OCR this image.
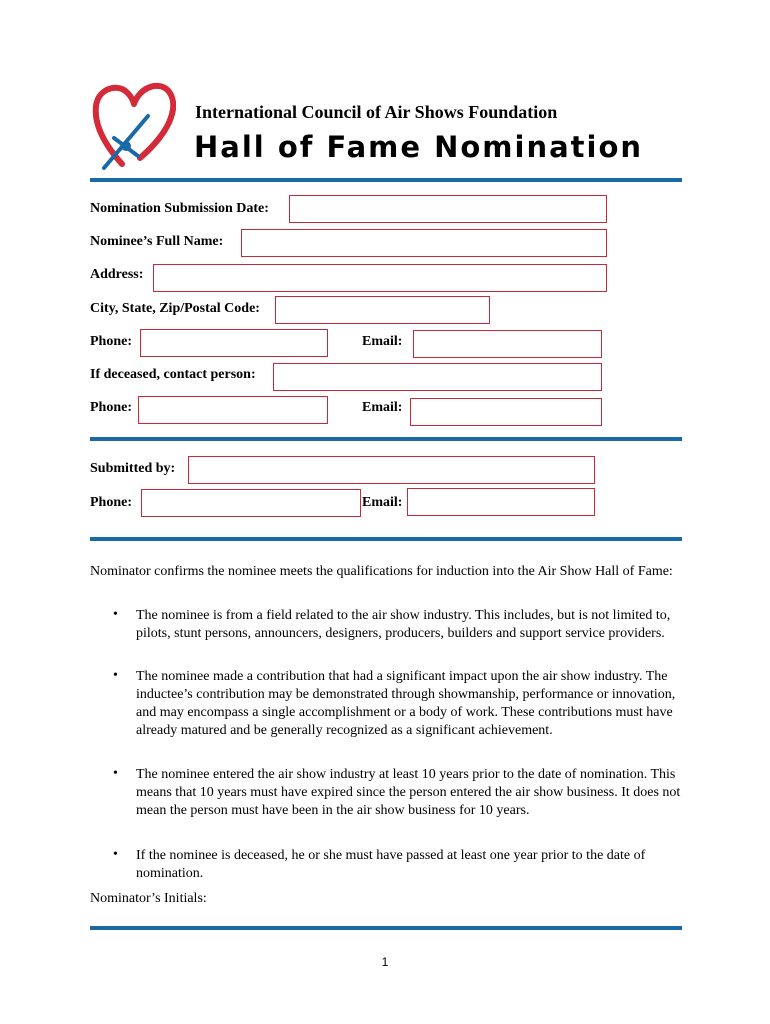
International Council of Air Shows Foundation
Hall of Fame Nomination
Nomination Submission Date:
Nominee’s Full Name:
Address:
City, State, Zip/Postal Code:
Phone:	Email:
If deceased, contact person:
Phone:	Email:
Submitted by:
Phone:	Email:
Nominator confirms the nominee meets the qualifications for induction into the Air Show Hall of Fame:
• The nominee is from a field related to the air show industry. This includes, but is not limited to, pilots, stunt persons, announcers, designers, producers, builders and support service providers.
• The nominee made a contribution that had a significant impact upon the air show industry. The inductee’s contribution may be demonstrated through showmanship, performance or innovation, and may encompass a single accomplishment or a body of work. These contributions must have already matured and be generally recognized as a significant achievement.
• The nominee entered the air show industry at least 10 years prior to the date of nomination. This means that 10 years must have expired since the person entered the air show business. It does not mean the person must have been in the air show business for 10 years.
• If the nominee is deceased, he or she must have passed at least one year prior to the date of nomination.
Nominator’s Initials:
1
